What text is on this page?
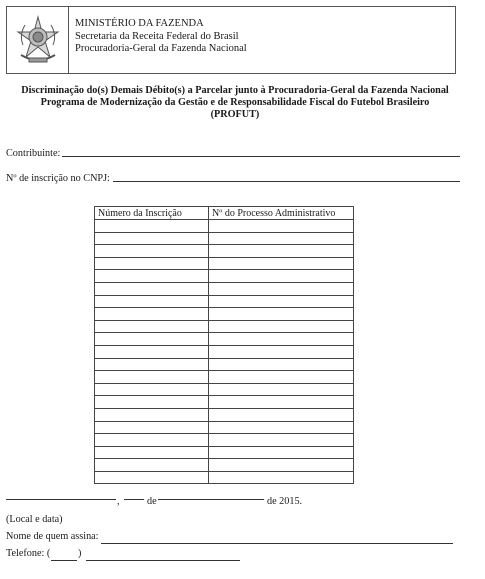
MINISTÉRIO DA FAZENDA
Secretaria da Receita Federal do Brasil
Procuradoria-Geral da Fazenda Nacional
Discriminação do(s) Demais Débito(s) a Parcelar junto à Procuradoria-Geral da Fazenda Nacional
Programa de Modernização da Gestão e de Responsabilidade Fiscal do Futebol Brasileiro
(PROFUT)
Contribuinte:
Nº de inscrição no CNPJ:
Número da Inscrição	Nº do Processo Administrativo

,	de	de 2015.
(Local e data)
Nome de quem assina:
Telefone: (	)
